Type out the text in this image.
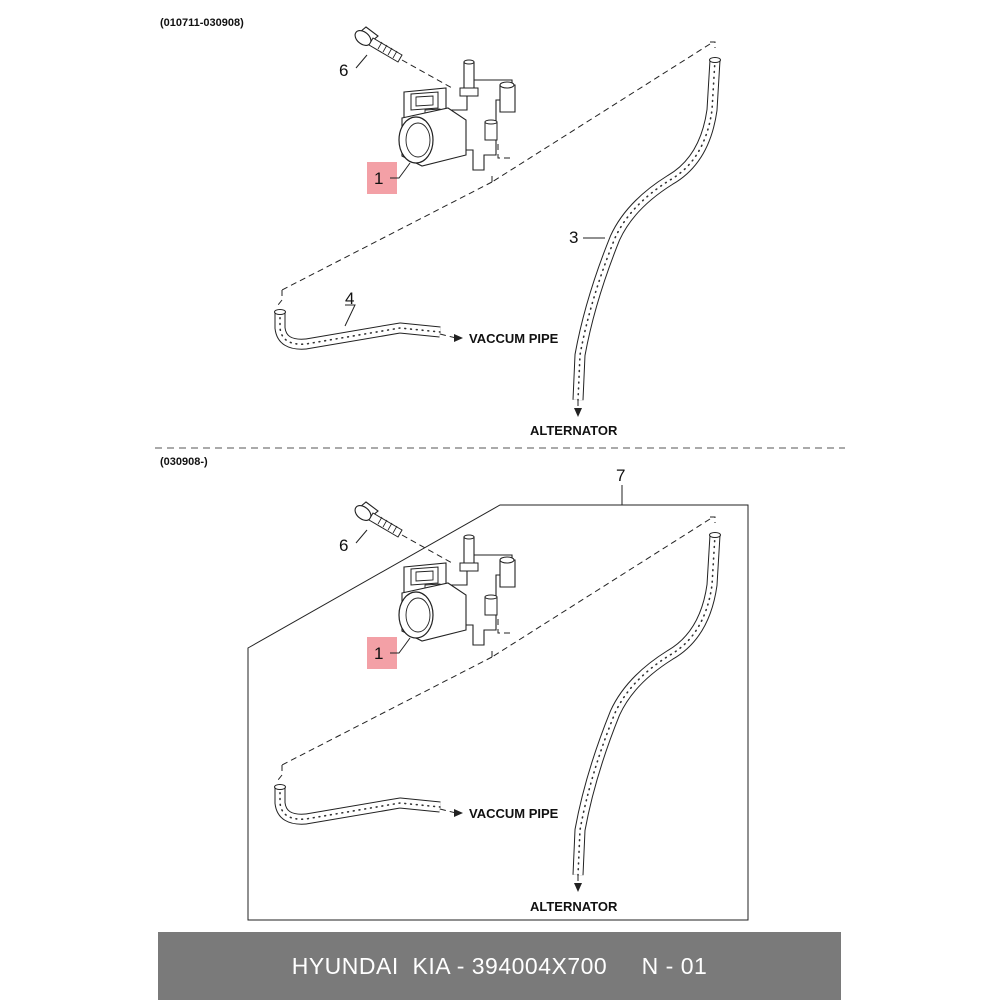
(010711-030908)
6
1
3
ALTERNATOR
4
VACCUM PIPE
(030908-)
7
6
1
VACCUM PIPE
ALTERNATOR
HYUNDAI  KIA - 394004X700     N - 01
